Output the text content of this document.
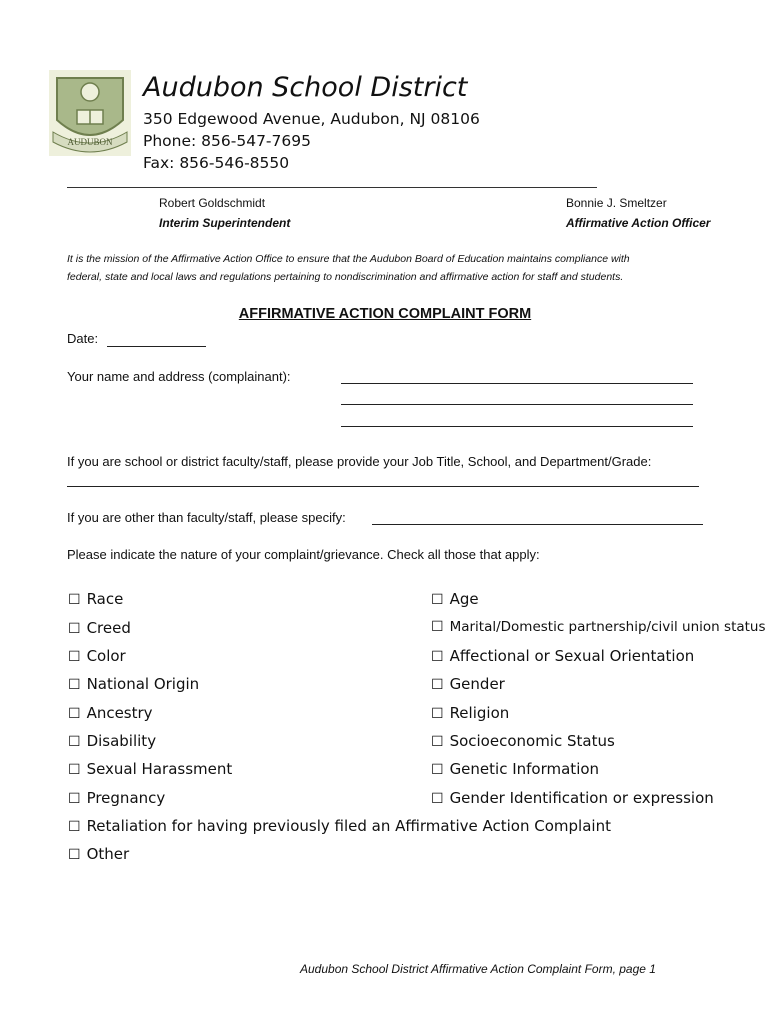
AUDUBON
Audubon School District
350 Edgewood Avenue, Audubon, NJ 08106
Phone: 856-547-7695
Fax: 856-546-8550
Robert Goldschmidt
Interim Superintendent
Bonnie J. Smeltzer
Affirmative Action Officer
It is the mission of the Affirmative Action Office to ensure that the Audubon Board of Education maintains compliance with
federal, state and local laws and regulations pertaining to nondiscrimination and affirmative action for staff and students.
AFFIRMATIVE ACTION COMPLAINT FORM
Date:
Your name and address (complainant):
If you are school or district faculty/staff, please provide your Job Title, School, and Department/Grade:
If you are other than faculty/staff, please specify:
Please indicate the nature of your complaint/grievance. Check all those that apply:
☐ Race
☐ Creed
☐ Color
☐ National Origin
☐ Ancestry
☐ Disability
☐ Sexual Harassment
☐ Pregnancy
☐ Age
☐ Marital/Domestic partnership/civil union status
☐ Affectional or Sexual Orientation
☐ Gender
☐ Religion
☐ Socioeconomic Status
☐ Genetic Information
☐ Gender Identification or expression
☐ Retaliation for having previously filed an Affirmative Action Complaint
☐ Other
Audubon School District Affirmative Action Complaint Form, page 1
